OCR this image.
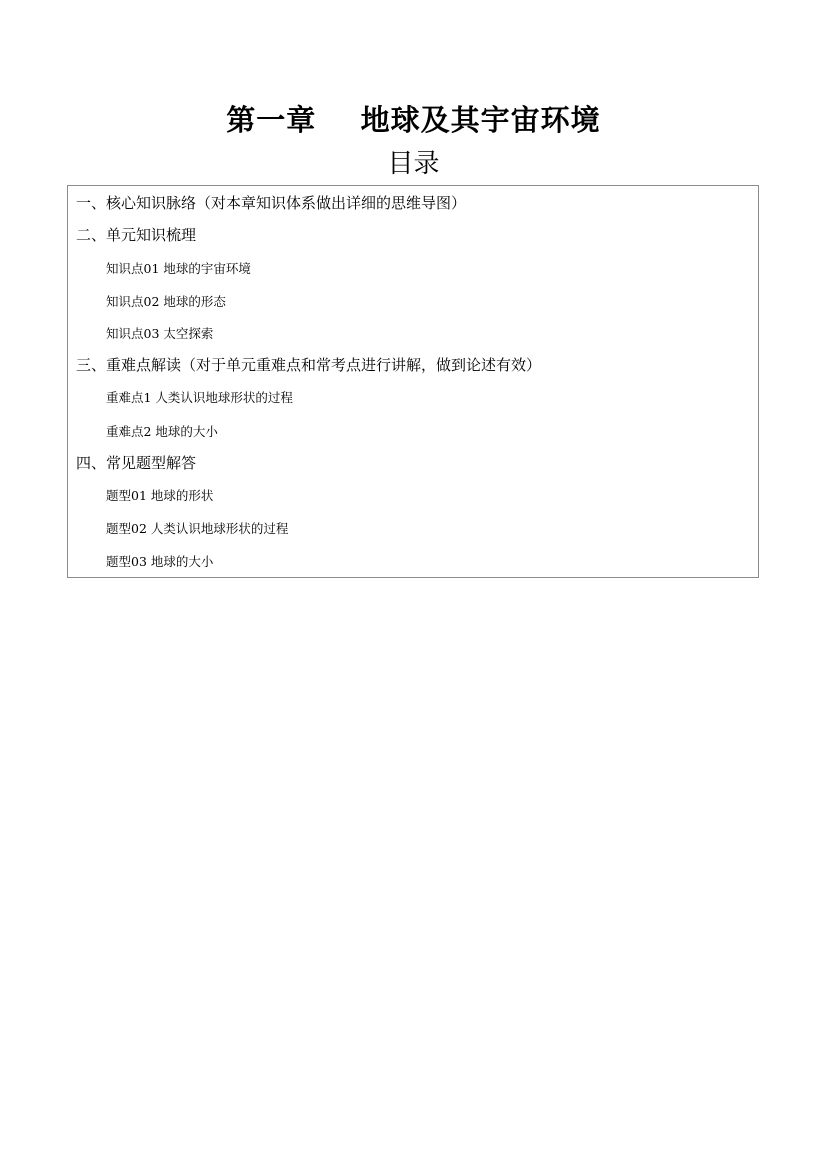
第一章    地球及其宇宙环境
目录
一、核心知识脉络（对本章知识体系做出详细的思维导图）
二、单元知识梳理
知识点01 地球的宇宙环境
知识点02 地球的形态
知识点03 太空探索
三、重难点解读（对于单元重难点和常考点进行讲解，做到论述有效）
重难点1 人类认识地球形状的过程
重难点2 地球的大小
四、常见题型解答
题型01 地球的形状
题型02 人类认识地球形状的过程
题型03 地球的大小
